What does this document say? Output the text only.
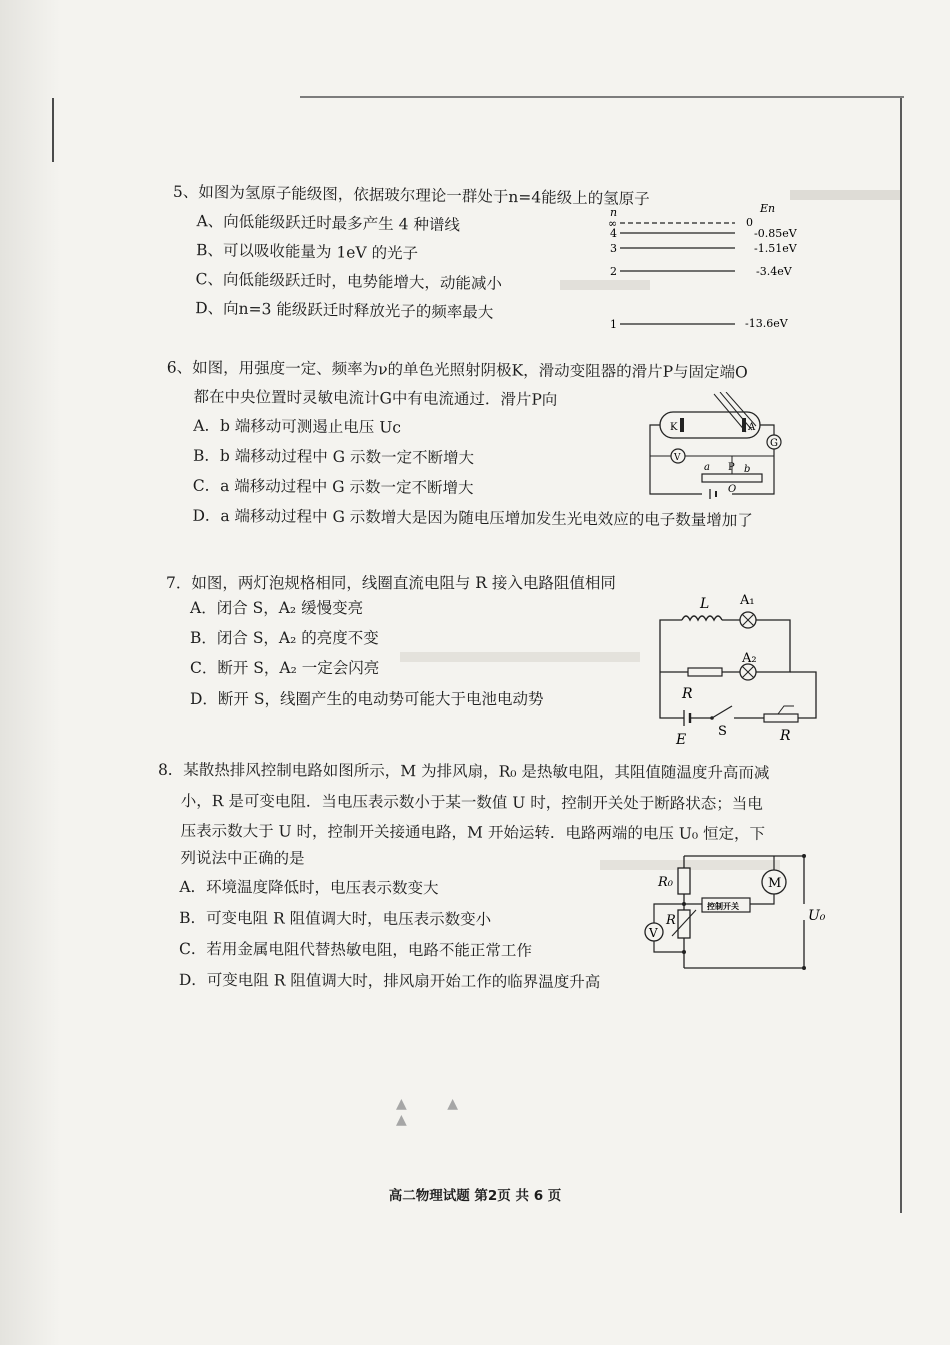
5、如图为氢原子能级图，依据玻尔理论一群处于n=4能级上的氢原子
A、向低能级跃迁时最多产生 4 种谱线
B、可以吸收能量为 1eV 的光子
C、向低能级跃迁时，电势能增大，动能减小
D、向n=3 能级跃迁时释放光子的频率最大
n	En
∞
4
3
2
1
0
-0.85eV
-1.51eV
-3.4eV
-13.6eV
6、如图，用强度一定、频率为ν的单色光照射阴极K，滑动变阻器的滑片P与固定端O
都在中央位置时灵敏电流计G中有电流通过．滑片P向
A．b 端移动可测遏止电压 Uc
B．b 端移动过程中 G 示数一定不断增大
C．a 端移动过程中 G 示数一定不断增大
D．a 端移动过程中 G 示数增大是因为随电压增加发生光电效应的电子数量增加了
K	A
G
V
a P b
O
7．如图，两灯泡规格相同，线圈直流电阻与 R 接入电路阻值相同
A．闭合 S，A₂ 缓慢变亮
B．闭合 S，A₂ 的亮度不变
C．断开 S，A₂ 一定会闪亮
D．断开 S，线圈产生的电动势可能大于电池电动势
L A₁
A₂
R
E
S	R
8．某散热排风控制电路如图所示，M 为排风扇，R₀ 是热敏电阻，其阻值随温度升高而减
小，R 是可变电阻．当电压表示数小于某一数值 U 时，控制开关处于断路状态；当电
压表示数大于 U 时，控制开关接通电路，M 开始运转．电路两端的电压 U₀ 恒定，下
列说法中正确的是
A．环境温度降低时，电压表示数变大
B．可变电阻 R 阻值调大时，电压表示数变小
C．若用金属电阻代替热敏电阻，电路不能正常工作
D．可变电阻 R 阻值调大时，排风扇开始工作的临界温度升高
U₀
R₀
R
V
控制开关
M
▲ ▲ ▲
高二物理试题 第2页 共 6 页
